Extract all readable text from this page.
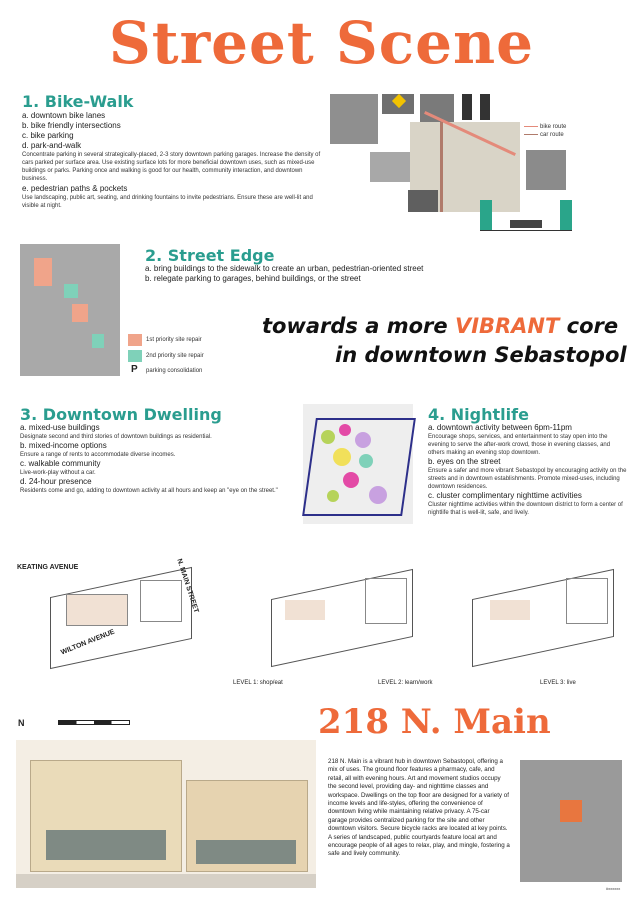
Street Scene
1. Bike-Walk
a. downtown bike lanes
b. bike friendly intersections
c. bike parking
d. park-and-walk
Concentrate parking in several strategically-placed, 2-3 story downtown parking garages. Increase the density of cars parked per surface area. Use existing surface lots for more beneficial downtown uses, such as mixed-use buildings or parks. Parking once and walking is good for our health, community interaction, and downtown business.
e. pedestrian paths & pockets
Use landscaping, public art, seating, and drinking fountains to invite pedestrians. Ensure these are well-lit and visible at night.
bike route
car route
2. Street Edge
a. bring buildings to the sidewalk to create an urban, pedestrian-oriented street
b. relegate parking to garages, behind buildings, or the street
1st priority site repair
2nd priority site repair
P parking consolidation
towards a more VIBRANT core
in downtown Sebastopol
3. Downtown Dwelling
a. mixed-use buildings
Designate second and third stories of downtown buildings as residential.
b. mixed-income options
Ensure a range of rents to accommodate diverse incomes.
c. walkable community
Live-work-play without a car.
d. 24-hour presence
Residents come and go, adding to downtown activity at all hours and keep an "eye on the street."
4. Nightlife
a. downtown activity between 6pm-11pm
Encourage shops, services, and entertainment to stay open into the evening to serve the after-work crowd, those in evening classes, and others making an evening stop downtown.
b. eyes on the street
Ensure a safer and more vibrant Sebastopol by encouraging activity on the streets and in downtown establishments. Promote mixed-uses, including downtown residences.
c. cluster complimentary nighttime activities
Cluster nighttime activities within the downtown district to form a center of nightlife that is well-lit, safe, and lively.
KEATING AVENUE	N. MAIN STREET
WILTON AVENUE
LEVEL 1: shop/eat	LEVEL 2: learn/work	LEVEL 3: live
N	218 N. Main
218 N. Main is a vibrant hub in downtown Sebastopol, offering a mix of uses. The ground floor features a pharmacy, cafe, and retail, all with evening hours. Art and movement studios occupy the second level, providing day- and nighttime classes and workspace. Dwellings on the top floor are designed for a variety of income levels and life-styles, offering the convenience of downtown living while maintaining relative privacy. A 75-car garage provides centralized parking for the site and other downtown visitors. Secure bicycle racks are located at key points. A series of landscaped, public courtyards feature local art and encourage people of all ages to relax, play, and mingle, fostering a safe and lively community.
#xxxxxx
